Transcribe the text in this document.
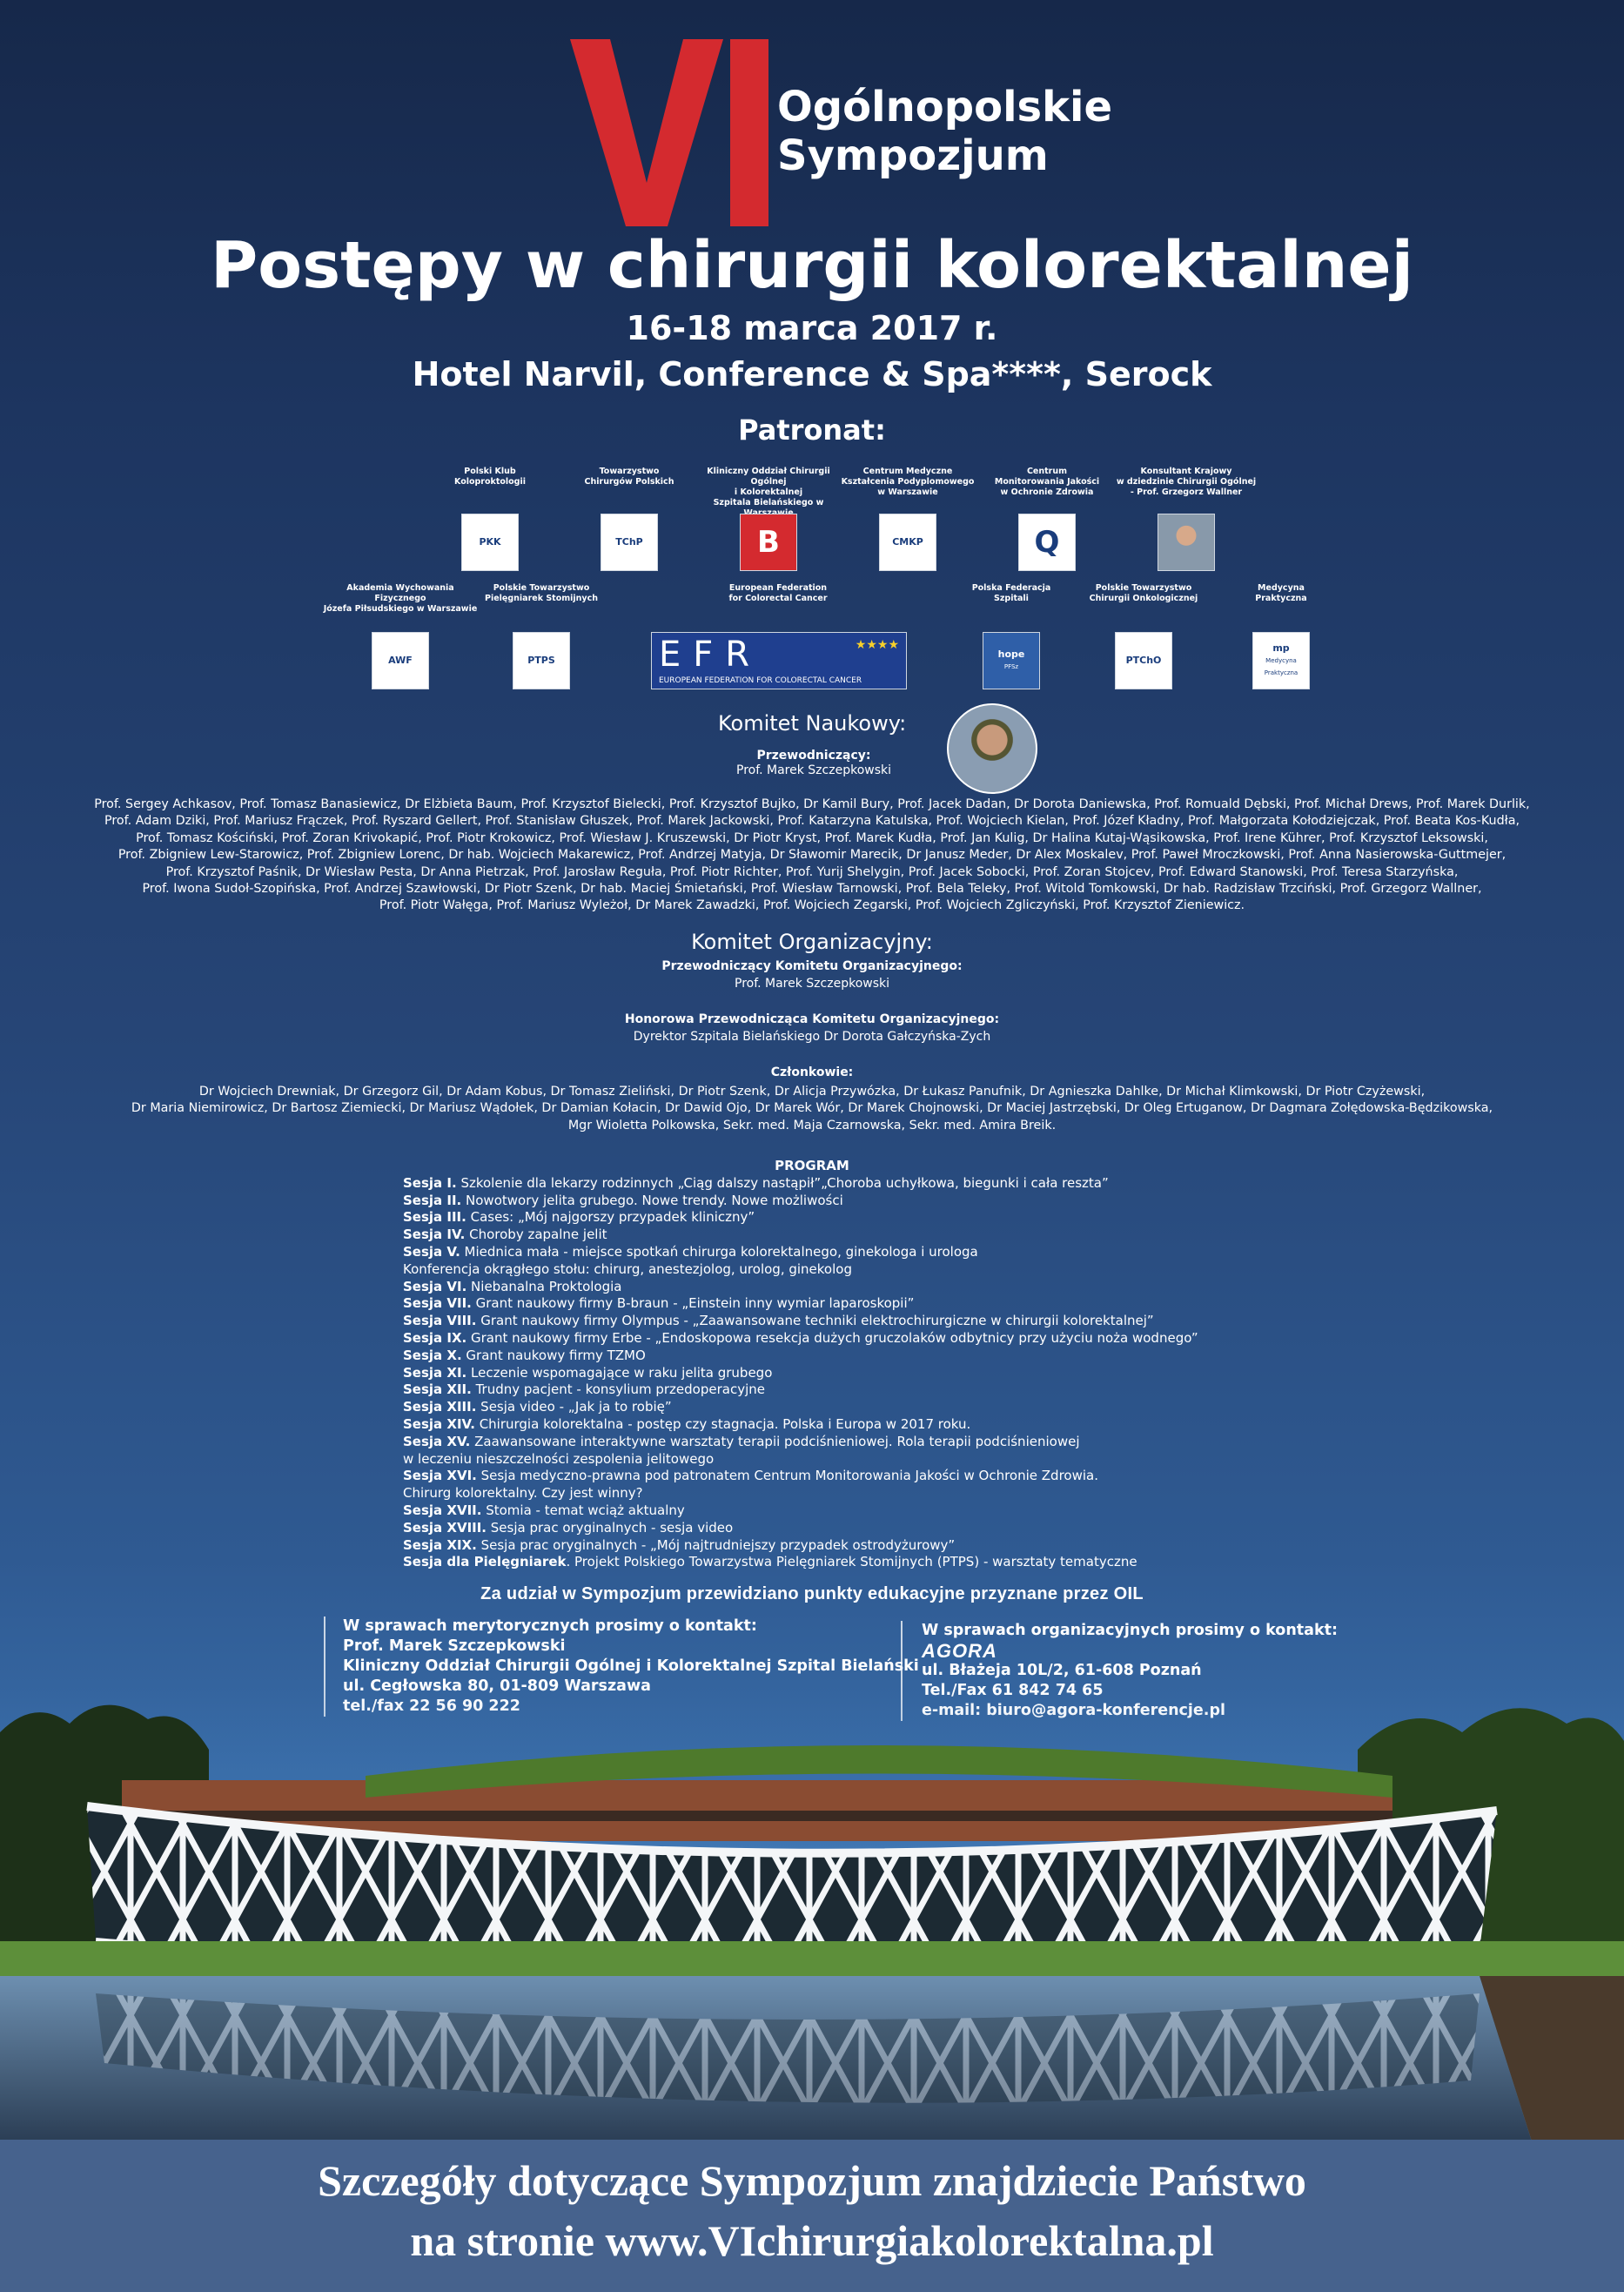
Ogólnopolskie
Sympozjum
Postępy w chirurgii kolorektalnej
16-18 marca 2017 r.
Hotel Narvil, Conference & Spa****, Serock
Patronat:
Polski Klub
Koloproktologii
PKK
Towarzystwo
Chirurgów Polskich
TChP
Kliniczny Oddział Chirurgii Ogólnej
i Kolorektalnej
Szpitala Bielańskiego w
B
Centrum Medyczne
Kształcenia Podyplomowego
w Warszawie
CMKP
Centrum
Monitorowania Jakości
w Ochronie Zdrowia
Q
Konsultant Krajowy
w dziedzinie Chirurgii Ogólnej
- Prof. Grzegorz Wallner
Akademia Wychowania Fizycznego
Józefa Piłsudskiego w Warszawie
AWF
Polskie Towarzystwo
Pielęgniarek Stomijnych
PTPS
European Federation
for Colorectal Cancer
EFR
EUROPEAN FEDERATION FOR COLORECTAL CANCER
★★★★
Polska Federacja
Szpitali
hope
PFSz
Polskie Towarzystwo
Chirurgii Onkologicznej
PTChO
Medycyna
Praktyczna
mp
Medycyna Praktyczna
Komitet Naukowy:
Przewodniczący:
Prof. Marek Szczepkowski
Prof. Sergey Achkasov, Prof. Tomasz Banasiewicz, Dr Elżbieta Baum, Prof. Krzysztof Bielecki, Prof. Krzysztof Bujko, Dr Kamil Bury, Prof. Jacek Dadan, Dr Dorota Daniewska, Prof. Romuald Dębski, Prof. Michał Drews, Prof. Marek Durlik,
Prof. Adam Dziki, Prof. Mariusz Frączek, Prof. Ryszard Gellert, Prof. Stanisław Głuszek, Prof. Marek Jackowski, Prof. Katarzyna Katulska, Prof. Wojciech Kielan, Prof. Józef Kładny, Prof. Małgorzata Kołodziejczak, Prof. Beata Kos-Kudła,
Prof. Tomasz Kościński, Prof. Zoran Krivokapić, Prof. Piotr Krokowicz, Prof. Wiesław J. Kruszewski, Dr Piotr Kryst, Prof. Marek Kudła, Prof. Jan Kulig, Dr Halina Kutaj-Wąsikowska, Prof. Irene Kührer, Prof. Krzysztof Leksowski,
Prof. Zbigniew Lew-Starowicz, Prof. Zbigniew Lorenc, Dr hab. Wojciech Makarewicz, Prof. Andrzej Matyja, Dr Sławomir Marecik, Dr Janusz Meder, Dr Alex Moskalev, Prof. Paweł Mroczkowski, Prof. Anna Nasierowska-Guttmejer,
Prof. Krzysztof Paśnik, Dr Wiesław Pesta, Dr Anna Pietrzak, Prof. Jarosław Reguła, Prof. Piotr Richter, Prof. Yurij Shelygin, Prof. Jacek Sobocki, Prof. Zoran Stojcev, Prof. Edward Stanowski, Prof. Teresa Starzyńska,
Prof. Iwona Sudoł-Szopińska, Prof. Andrzej Szawłowski, Dr Piotr Szenk, Dr hab. Maciej Śmietański, Prof. Wiesław Tarnowski, Prof. Bela Teleky, Prof. Witold Tomkowski, Dr hab. Radzisław Trzciński, Prof. Grzegorz Wallner,
Prof. Piotr Wałęga, Prof. Mariusz Wyleżoł, Dr Marek Zawadzki, Prof. Wojciech Zegarski, Prof. Wojciech Zgliczyński, Prof. Krzysztof Zieniewicz.
Komitet Organizacyjny:
Przewodniczący Komitetu Organizacyjnego:
Prof. Marek Szczepkowski
Honorowa Przewodnicząca Komitetu Organizacyjnego:
Dyrektor Szpitala Bielańskiego Dr Dorota Gałczyńska-Zych
Członkowie:
Dr Wojciech Drewniak, Dr Grzegorz Gil, Dr Adam Kobus, Dr Tomasz Zieliński, Dr Piotr Szenk, Dr Alicja Przywózka, Dr Łukasz Panufnik, Dr Agnieszka Dahlke, Dr Michał Klimkowski, Dr Piotr Czyżewski,
Dr Maria Niemirowicz, Dr Bartosz Ziemiecki, Dr Mariusz Wądołek, Dr Damian Kołacin, Dr Dawid Ojo, Dr Marek Wór, Dr Marek Chojnowski, Dr Maciej Jastrzębski, Dr Oleg Ertuganow, Dr Dagmara Zołędowska-Będzikowska,
Mgr Wioletta Polkowska, Sekr. med. Maja Czarnowska, Sekr. med. Amira Breik.
PROGRAM
Sesja I. Szkolenie dla lekarzy rodzinnych „Ciąg dalszy nastąpił”„Choroba uchyłkowa, biegunki i cała reszta”
Sesja II. Nowotwory jelita grubego. Nowe trendy. Nowe możliwości
Sesja III. Cases: „Mój najgorszy przypadek kliniczny”
Sesja IV. Choroby zapalne jelit
Sesja V. Miednica mała - miejsce spotkań chirurga kolorektalnego, ginekologa i urologa
Konferencja okrągłego stołu: chirurg, anestezjolog, urolog, ginekolog
Sesja VI. Niebanalna Proktologia
Sesja VII. Grant naukowy firmy B-braun - „Einstein inny wymiar laparoskopii”
Sesja VIII. Grant naukowy firmy Olympus - „Zaawansowane techniki elektrochirurgiczne w chirurgii kolorektalnej”
Sesja IX. Grant naukowy firmy Erbe - „Endoskopowa resekcja dużych gruczolaków odbytnicy przy użyciu noża wodnego”
Sesja X. Grant naukowy firmy TZMO
Sesja XI. Leczenie wspomagające w raku jelita grubego
Sesja XII. Trudny pacjent - konsylium przedoperacyjne
Sesja XIII. Sesja video - „Jak ja to robię”
Sesja XIV. Chirurgia kolorektalna - postęp czy stagnacja. Polska i Europa w 2017 roku.
Sesja XV. Zaawansowane interaktywne warsztaty terapii podciśnieniowej. Rola terapii podciśnieniowej
w leczeniu nieszczelności zespolenia jelitowego
Sesja XVI. Sesja medyczno-prawna pod patronatem Centrum Monitorowania Jakości w Ochronie Zdrowia.
Chirurg kolorektalny. Czy jest winny?
Sesja XVII. Stomia - temat wciąż aktualny
Sesja XVIII. Sesja prac oryginalnych - sesja video
Sesja XIX. Sesja prac oryginalnych - „Mój najtrudniejszy przypadek ostrodyżurowy”
Sesja dla Pielęgniarek. Projekt Polskiego Towarzystwa Pielęgniarek Stomijnych (PTPS) - warsztaty tematyczne
Za udział w Sympozjum przewidziano punkty edukacyjne przyznane przez OIL
W sprawach merytorycznych prosimy o kontakt:
Prof. Marek Szczepkowski
Kliniczny Oddział Chirurgii Ogólnej i Kolorektalnej Szpital Bielański
W sprawach organizacyjnych prosimy o kontakt:
AGORA
ul. Błażeja 10L/2, 61-608 Poznań
Szczegóły dotyczące Sympozjum znajdziecie Państwo
na stronie www.VIchirurgiakolorektalna.pl
